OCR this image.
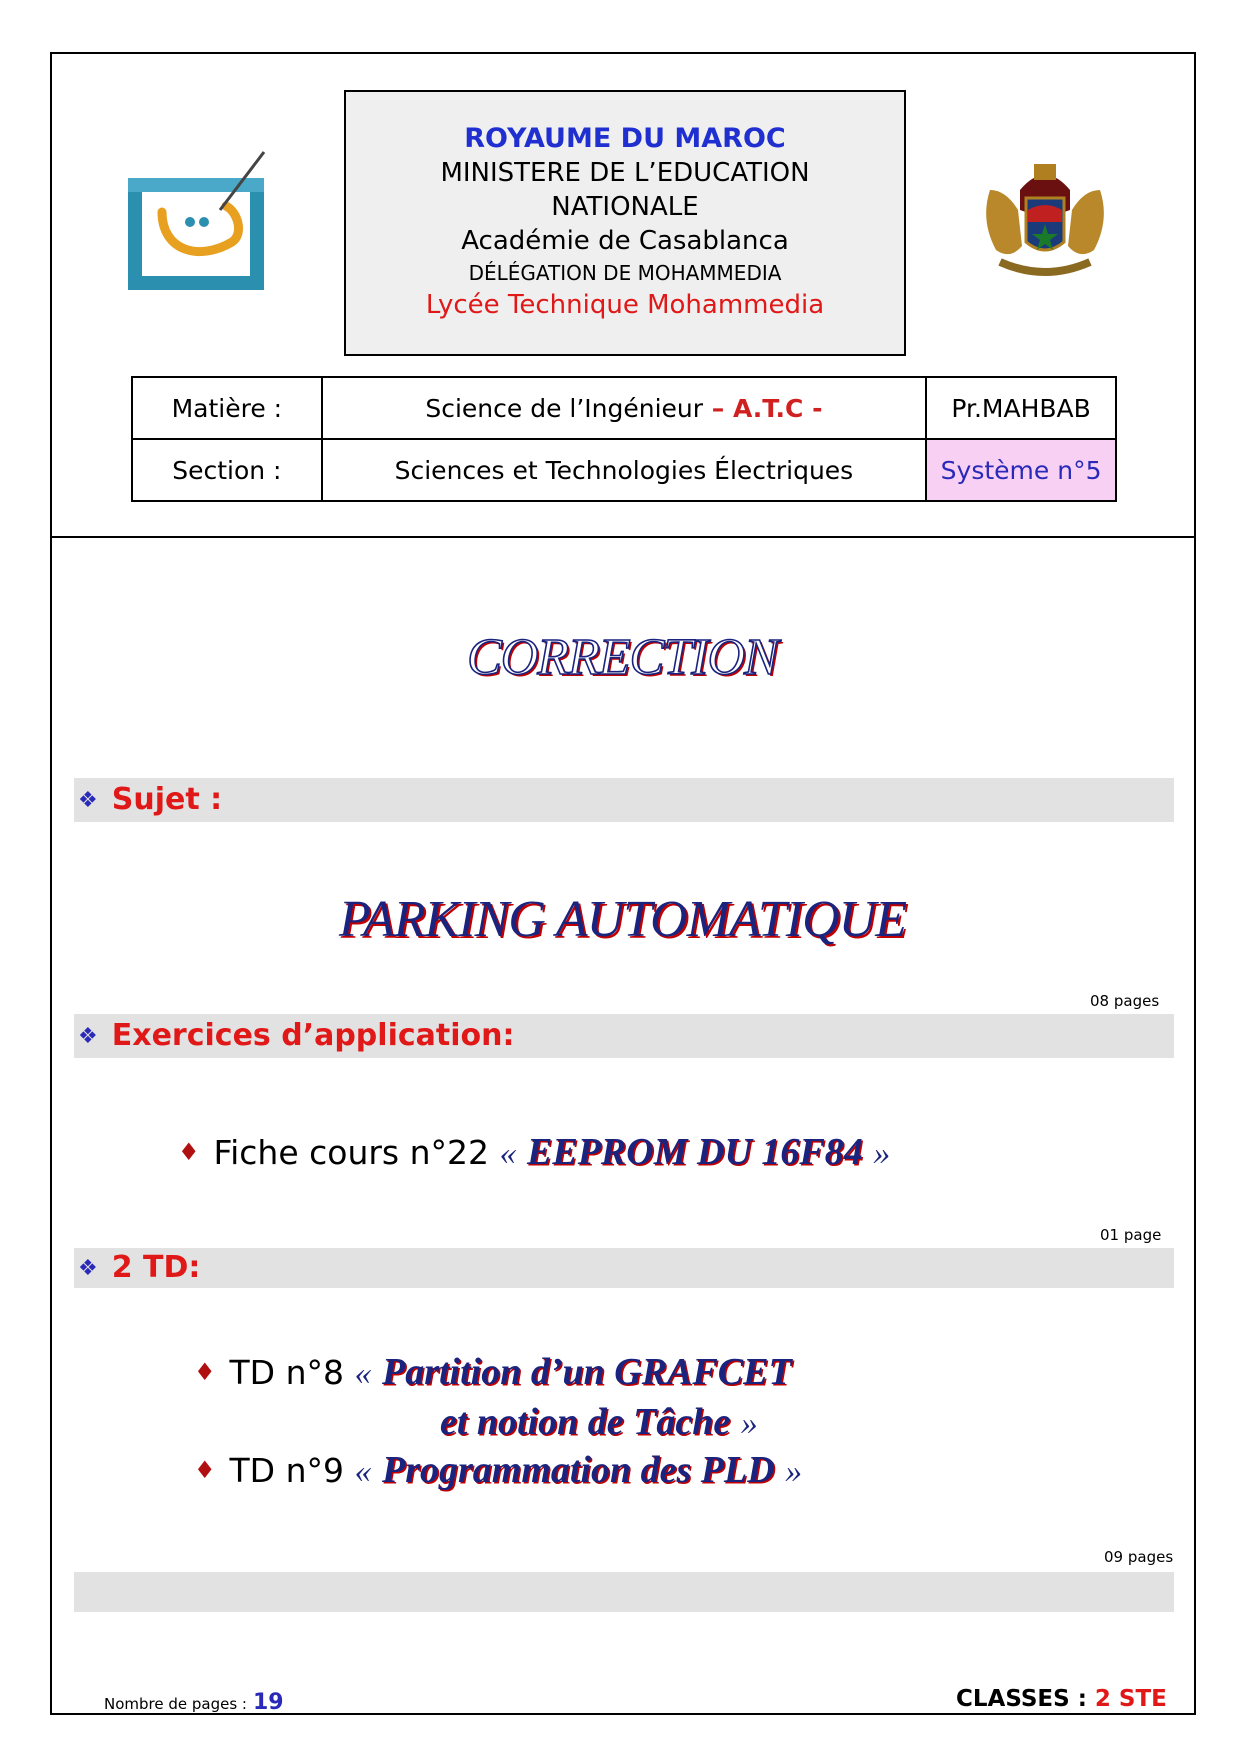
ROYAUME DU MAROC
MINISTERE DE L’EDUCATION
NATIONALE
Académie de Casablanca
DÉLÉGATION DE MOHAMMEDIA
Lycée Technique Mohammedia
Matière :	Science de l’Ingénieur – A.T.C -	Pr.MAHBAB
Section :	Sciences et Technologies Électriques	Système n°5
CORRECTION
❖ Sujet :
PARKING AUTOMATIQUE
08 pages
❖ Exercices d’application:
♦ Fiche cours n°22 « EEPROM DU 16F84 »
01 page
❖ 2 TD:
♦ TD n°8 « Partition d’un GRAFCET
et notion de Tâche »
♦ TD n°9 « Programmation des PLD »
09 pages
Nombre de pages : 19	CLASSES : 2 STE
